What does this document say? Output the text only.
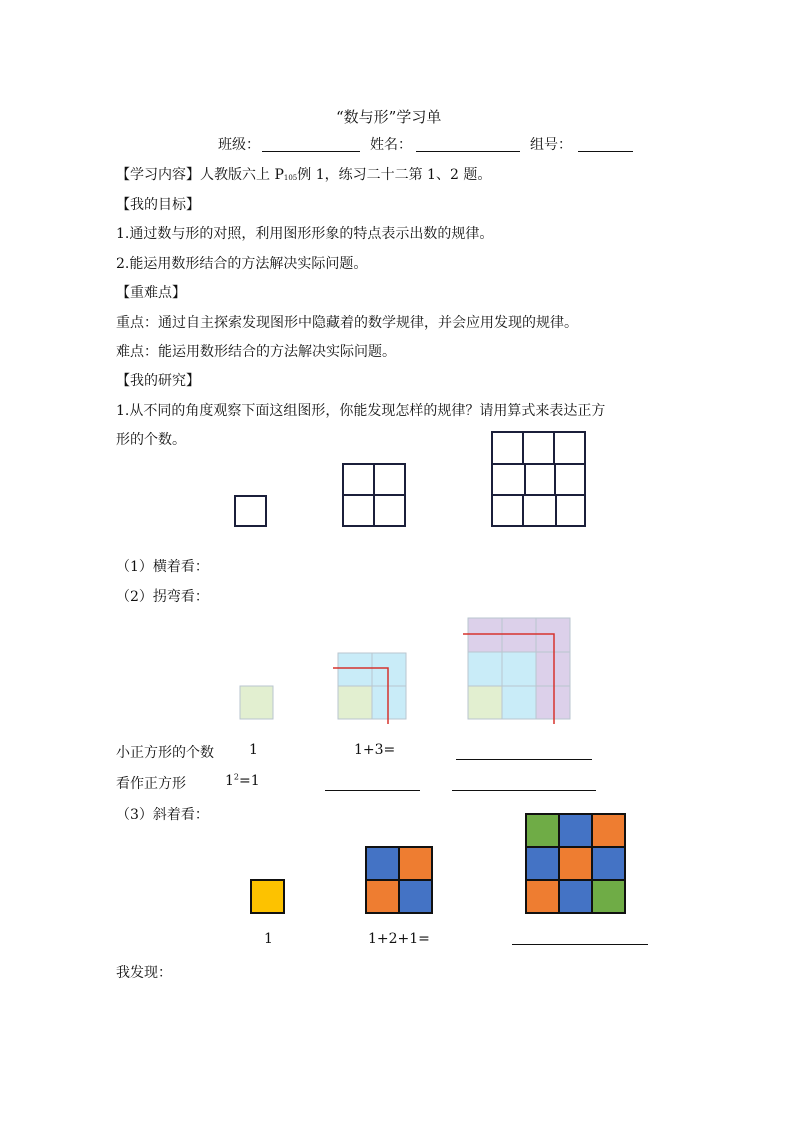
“数与形”学习单
班级：	姓名：	组号：
【学习内容】人教版六上 P105例 1，练习二十二第 1、2 题。
【我的目标】
1.通过数与形的对照，利用图形形象的特点表示出数的规律。
2.能运用数形结合的方法解决实际问题。
【重难点】
重点：通过自主探索发现图形中隐藏着的数学规律，并会应用发现的规律。
难点：能运用数形结合的方法解决实际问题。
【我的研究】
1.从不同的角度观察下面这组图形，你能发现怎样的规律？请用算式来表达正方
形的个数。
（1）横着看：
（2）拐弯看：
小正方形的个数	1	1+3=
看作正方形	$1^2=1$
（3）斜着看：
1	1+2+1=
我发现：
